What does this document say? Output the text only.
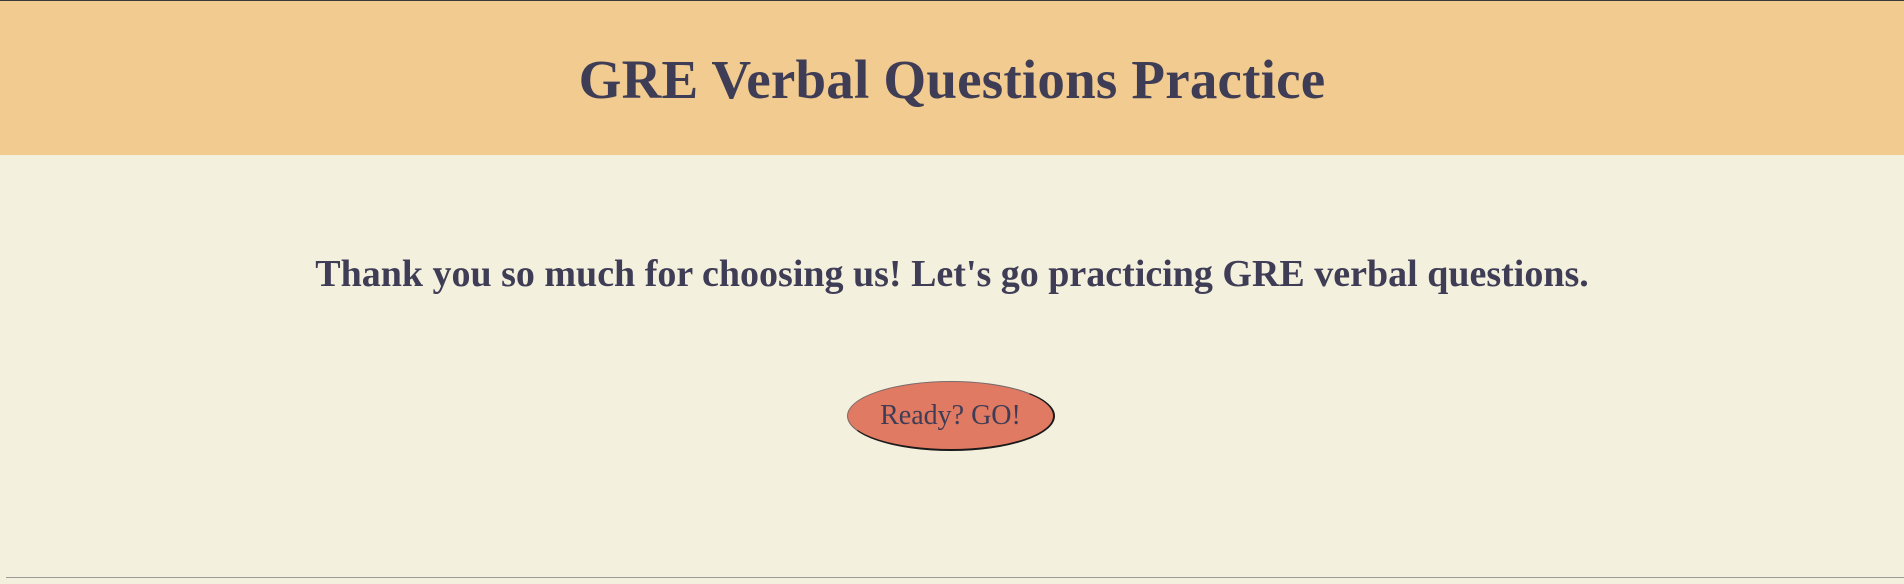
GRE Verbal Questions Practice

Thank you so much for choosing us! Let's go practicing GRE verbal questions.

Ready? GO!
